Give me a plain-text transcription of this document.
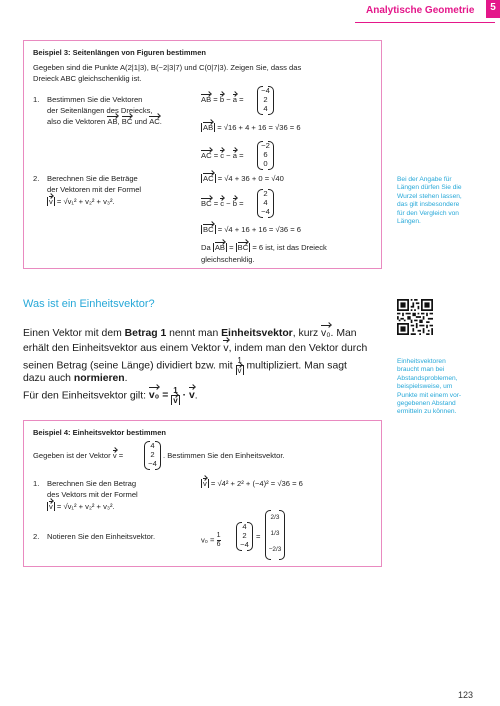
Analytische Geometrie	5
Beispiel 3: Seitenlängen von Figuren bestimmen
Gegeben sind die Punkte A(2|1|3), B(−2|3|7) und C(0|7|3). Zeigen Sie, dass das
Dreieck ABC gleichschenklig ist.
1. Bestimmen Sie die Vektoren
der Seitenlängen des Dreiecks,
also die Vektoren AB, BC und AC.
AB = b − a =
−4
2
4
AB = √16 + 4 + 16 = √36 = 6
AC = c − a =
−2
6
0
2. Berechnen Sie die Beträge
der Vektoren mit der Formel
v = √v₁² + v₂² + v₃².
AC = √4 + 36 + 0 = √40
BC = c − b =
2
4
−4
BC = √4 + 16 + 16 = √36 = 6
Da AB = BC = 6 ist, ist das Dreieck
gleichschenklig.
Bei der Angabe für
Längen dürfen Sie die
Wurzel stehen lassen,
das gilt insbesondere
für den Vergleich von
Längen.
Was ist ein Einheitsvektor?
Einen Vektor mit dem Betrag 1 nennt man Einheitsvektor, kurz v₀. Man
erhält den Einheitsvektor aus einem Vektor v, indem man den Vektor durch
seinen Betrag (seine Länge) dividiert bzw. mit $\frac{1}{v}$ multipliziert. Man sagt
dazu auch normieren.
Für den Einheitsvektor gilt: $v_0 = \frac{1}{v} \cdot v$.
Einheitsvektoren
braucht man bei
Abstandsproblemen,
beispielsweise, um
Punkte mit einem vor-
gegebenen Abstand
ermitteln zu können.
Beispiel 4: Einheitsvektor bestimmen
Gegeben ist der Vektor v =
4
2
−4
. Bestimmen Sie den Einheitsvektor.
1. Berechnen Sie den Betrag
des Vektors mit der Formel
v = √v₁² + v₂² + v₃².
v = √4² + 2² + (−4)² = √36 = 6
2. Notieren Sie den Einheitsvektor.	$v_0 = \frac{1}{6}$
4
2
−4
=
2/3
1/3
−2/3
123
